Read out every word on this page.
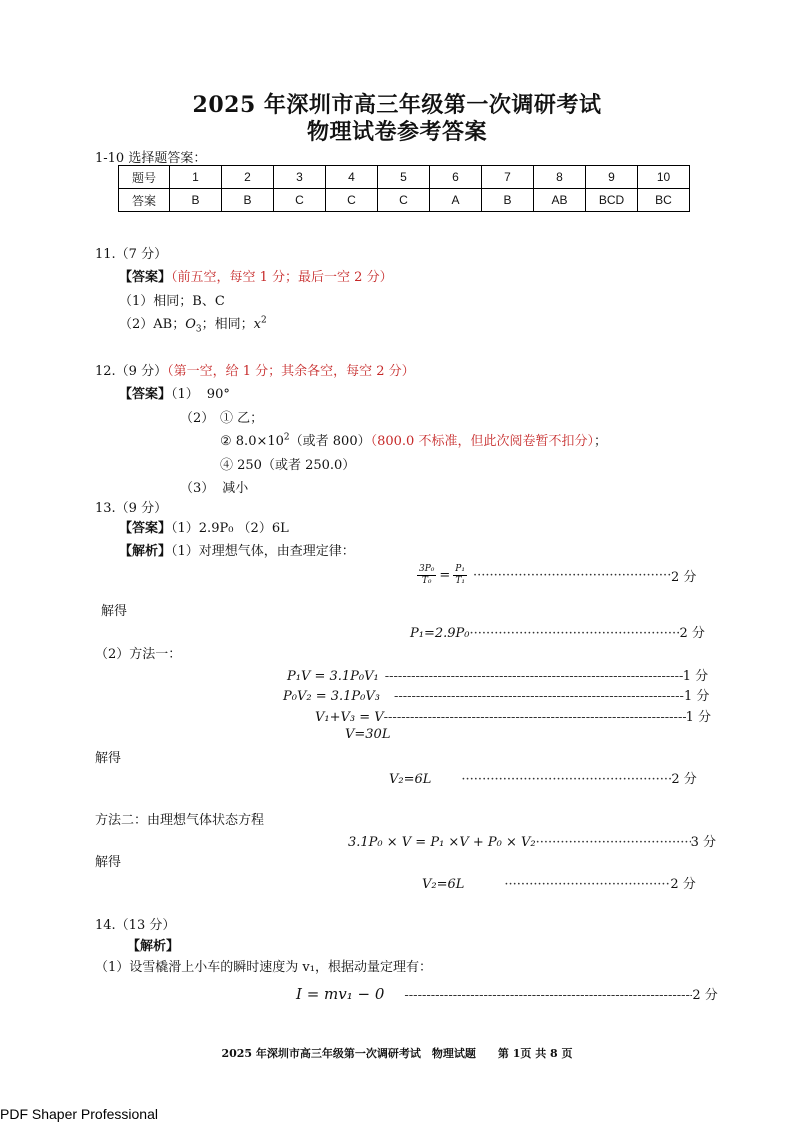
2025 年深圳市高三年级第一次调研考试
物理试卷参考答案
1-10 选择题答案：
题号	1	2	3	4	5	6	7	8	9	10
答案	B	B	C	C	C	A	B	AB	BCD	BC
11.（7 分）
【答案】（前五空，每空 1 分；最后一空 2 分）
（1）相同；B、C
（2）AB；$O_3$；相同；$x^2$
12.（9 分）（第一空，给 1 分；其余各空，每空 2 分）
【答案】（1） 90°
（2） ① 乙；
② $8.0\times 10^2$（或者 800）（800.0 不标准，但此次阅卷暂不扣分）；
④ 250（或者 250.0）
（3） 减小
13.（9 分）
【答案】（1）2.9P₀ （2）6L
【解析】（1）对理想气体，由查理定律：
$\frac{\text{3P₀}}{\text{T₀}} = \frac{\text{P₁}}{\text{T₁}}$ ·····	2 分
解得
P₁=2.9P₀ ·····	2 分
（2）方法一：
P₁V = 3.1P₀V₁ -----	1 分
P₀V₂ = 3.1P₀V₃ -----	1 分
V₁+V₃ = V -----	1 分
V=30L
解得
V₂=6L ·····	2 分
方法二：由理想气体状态方程
3.1P₀ × V = P₁ ×V + P₀ × V₂ ·····	3 分
解得
V₂=6L ·····	2 分
14.（13 分）
【解析】
（1）设雪橇滑上小车的瞬时速度为 v₁，根据动量定理有：
I = mv₁ − 0 -----	2 分
2025 年深圳市高三年级第一次调研考试　物理试题　　第 1页 共 8 页
PDF Shaper Professional
